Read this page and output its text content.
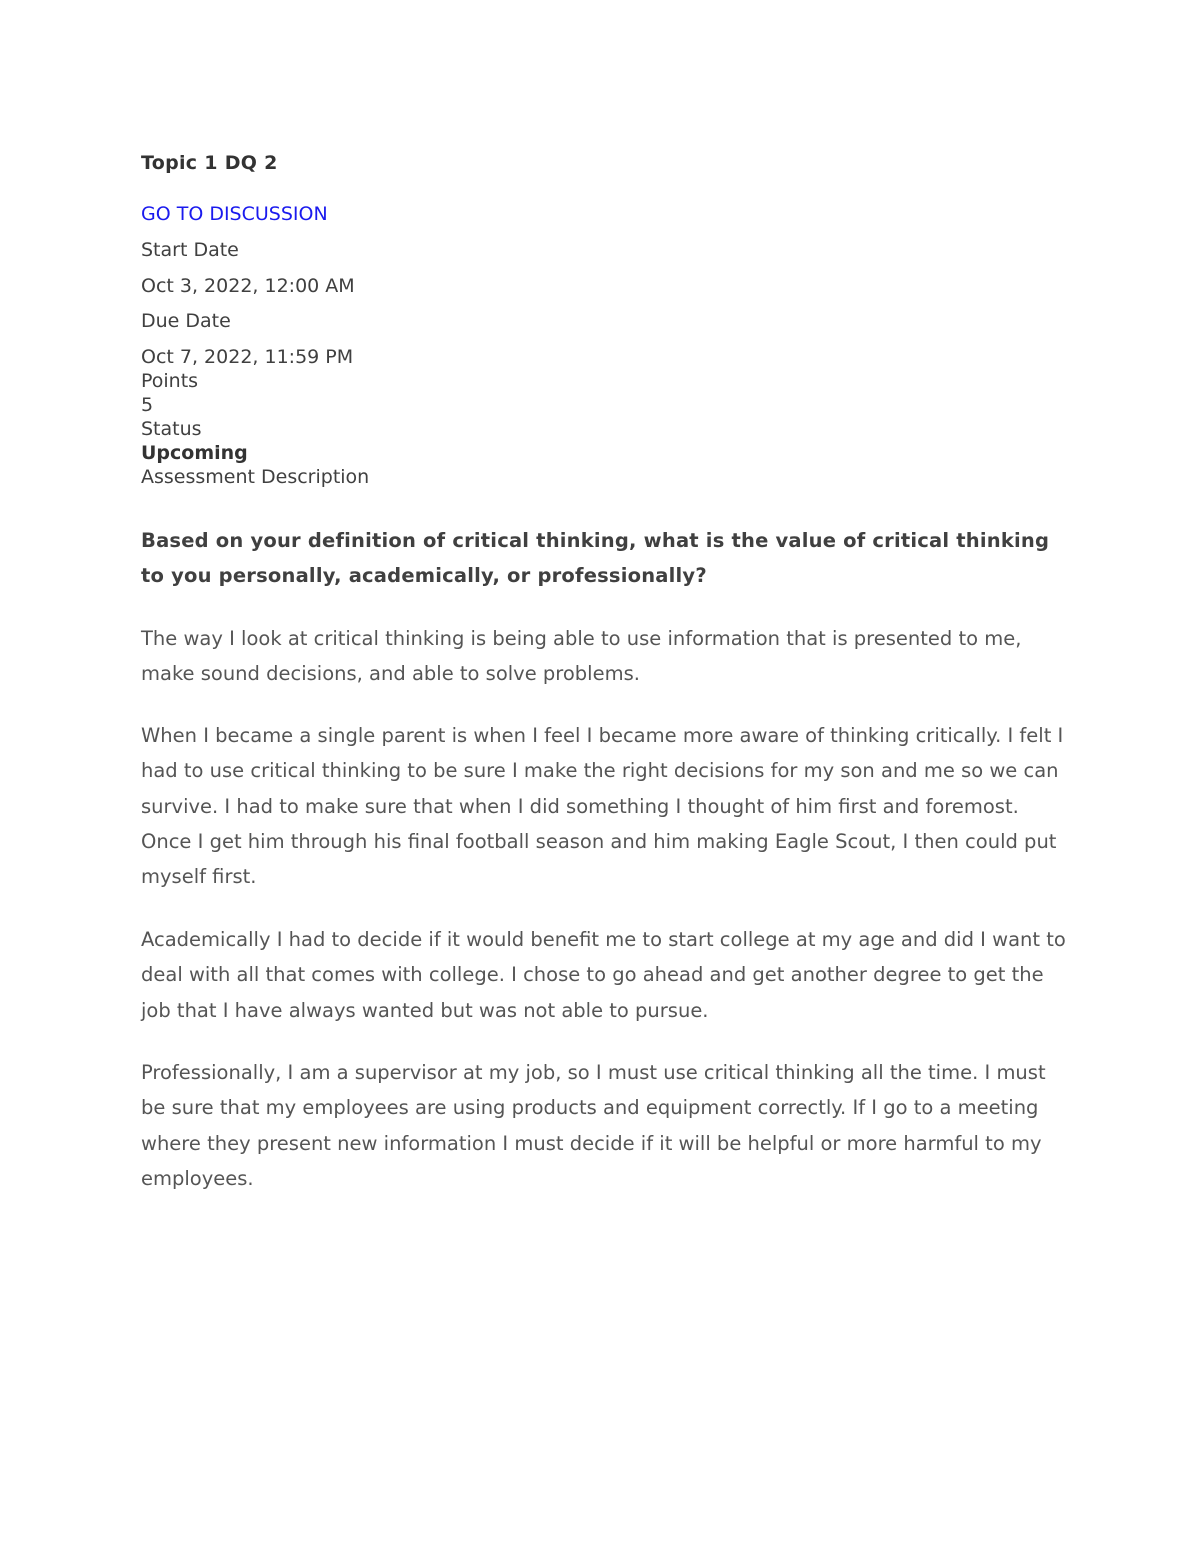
Topic 1 DQ 2
GO TO DISCUSSION
Start Date
Oct 3, 2022, 12:00 AM
Due Date
Oct 7, 2022, 11:59 PM
Points
5
Status
Upcoming
Assessment Description
Based on your definition of critical thinking, what is the value of critical thinking to you personally, academically, or professionally?
The way I look at critical thinking is being able to use information that is presented to me, make sound decisions, and able to solve problems.
When I became a single parent is when I feel I became more aware of thinking critically. I felt I had to use critical thinking to be sure I make the right decisions for my son and me so we can survive. I had to make sure that when I did something I thought of him first and foremost. Once I get him through his final football season and him making Eagle Scout, I then could put myself first.
Academically I had to decide if it would benefit me to start college at my age and did I want to deal with all that comes with college. I chose to go ahead and get another degree to get the job that I have always wanted but was not able to pursue.
Professionally, I am a supervisor at my job, so I must use critical thinking all the time. I must be sure that my employees are using products and equipment correctly. If I go to a meeting where they present new information I must decide if it will be helpful or more harmful to my employees.
